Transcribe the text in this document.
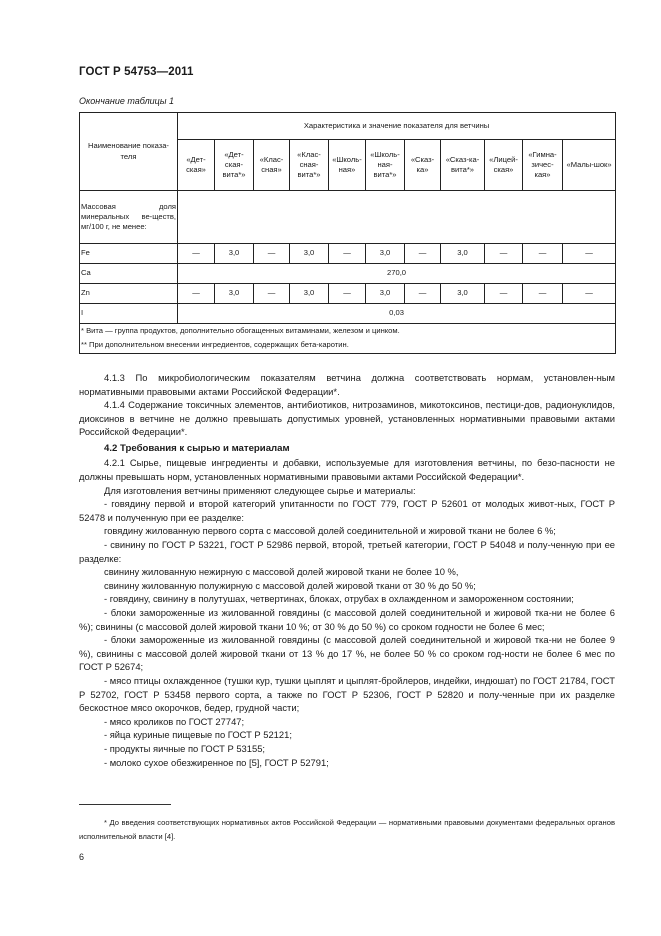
ГОСТ Р 54753—2011
Окончание таблицы 1
Наименование показа-теля	Характеристика и значение показателя для ветчины										
	«Дет-ская»	«Дет-ская-вита*»	«Клас-сная»	«Клас-сная-вита*»	«Школь-ная»	«Школь-ная-вита*»	«Сказ-ка»	«Сказ-ка-вита*»	«Лицей-ская»	«Гимна-зичес-кая»	«Малы-шок»
Массовая доля минеральных ве-ществ, мг/100 г, не менее:											
Fe	—	3,0	—	3,0	—	3,0	—	3,0	—	—	—
Ca	270,0										
Zn	—	3,0	—	3,0	—	3,0	—	3,0	—	—	—
I	0,03										

* Вита — группа продуктов, дополнительно обогащенных витаминами, железом и цинком.
** При дополнительном внесении ингредиентов, содержащих бета-каротин.											

4.1.3 По микробиологическим показателям ветчина должна соответствовать нормам, установлен-ным нормативными правовыми актами Российской Федерации*.

4.1.4 Содержание токсичных элементов, антибиотиков, нитрозаминов, микотоксинов, пестици-дов, радионуклидов, диоксинов в ветчине не должно превышать допустимых уровней, установленных нормативными правовыми актами Российской Федерации*.

4.2 Требования к сырью и материалам

4.2.1 Сырье, пищевые ингредиенты и добавки, используемые для изготовления ветчины, по безо-пасности не должны превышать норм, установленных нормативными правовыми актами Российской Федерации*.

Для изготовления ветчины применяют следующее сырье и материалы:

- говядину первой и второй категорий упитанности по ГОСТ 779, ГОСТ Р 52601 от молодых живот-ных, ГОСТ Р 52478 и полученную при ее разделке:

говядину жилованную первого сорта с массовой долей соединительной и жировой ткани не более 6 %;

- свинину по ГОСТ Р 53221, ГОСТ Р 52986 первой, второй, третьей категории, ГОСТ Р 54048 и полу-ченную при ее разделке:

свинину жилованную нежирную с массовой долей жировой ткани не более 10 %,

свинину жилованную полужирную с массовой долей жировой ткани от 30 % до 50 %;

- говядину, свинину в полутушах, четвертинах, блоках, отрубах в охлажденном и замороженном состоянии;

- блоки замороженные из жилованной говядины (с массовой долей соединительной и жировой тка-ни не более 6 %); свинины (с массовой долей жировой ткани 10 %; от 30 % до 50 %) со сроком годности не более 6 мес;

- блоки замороженные из жилованной говядины (с массовой долей соединительной и жировой тка-ни не более 9 %), свинины с массовой долей жировой ткани от 13 % до 17 %, не более 50 % со сроком год-ности не более 6 мес по ГОСТ Р 52674;

- мясо птицы охлажденное (тушки кур, тушки цыплят и цыплят-бройлеров, индейки, индюшат) по ГОСТ 21784, ГОСТ Р 52702, ГОСТ Р 53458 первого сорта, а также по ГОСТ Р 52306, ГОСТ Р 52820 и полу-ченные при их разделке бескостное мясо окорочков, бедер, грудной части;

- мясо кроликов по ГОСТ 27747;

- яйца куриные пищевые по ГОСТ Р 52121;

- продукты яичные по ГОСТ Р 53155;

- молоко сухое обезжиренное по [5], ГОСТ Р 52791;

* До введения соответствующих нормативных актов Российской Федерации — нормативными правовыми документами федеральных органов исполнительной власти [4].
6
